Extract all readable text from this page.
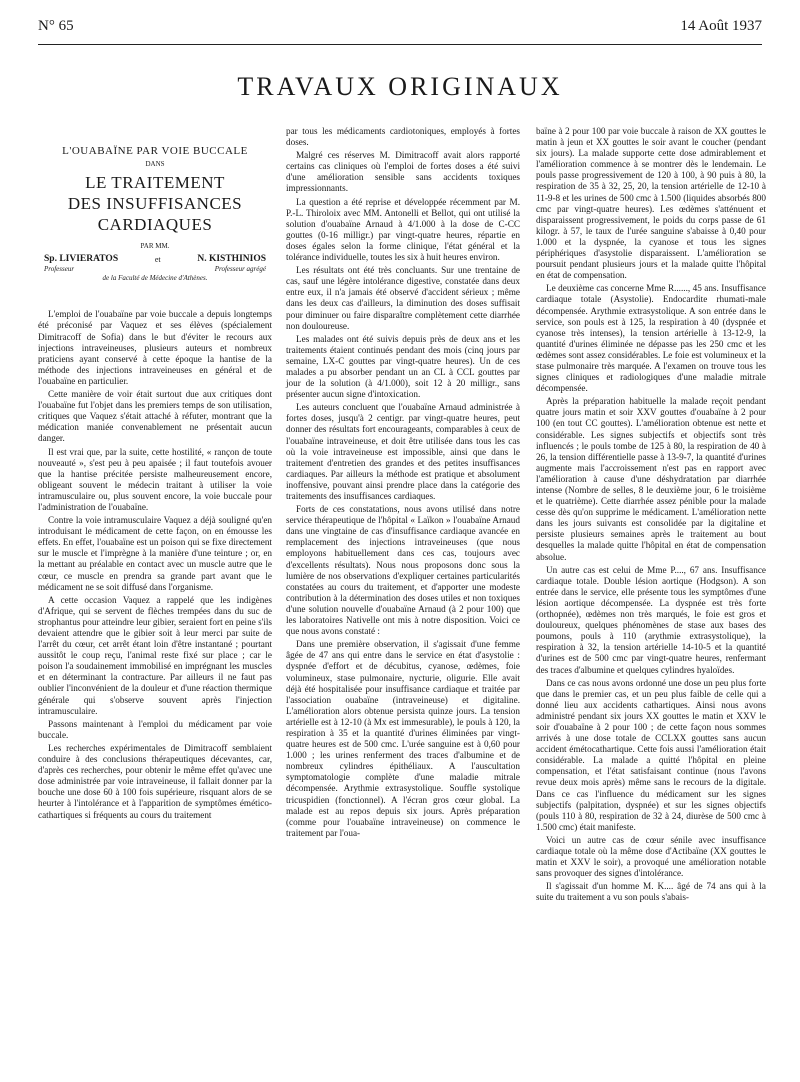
N° 65	14 Août 1937
TRAVAUX ORIGINAUX
L'OUABAÏNE PAR VOIE BUCCALE
DANS
LE TRAITEMENT
DES INSUFFISANCES
CARDIAQUES
PAR MM.
Sp. LIVIERATOS	et	N. KISTHINIOS
Professeur	Professeur agrégé
de la Faculté de Médecine d'Athènes.

L'emploi de l'ouabaïne par voie buccale a depuis longtemps été préconisé par Vaquez et ses élèves (spécialement Dimitracoff de Sofia) dans le but d'éviter le recours aux injections intraveineuses, plusieurs auteurs et nombreux praticiens ayant conservé à cette époque la hantise de la méthode des injections intraveineuses en général et de l'ouabaïne en particulier.

Cette manière de voir était surtout due aux critiques dont l'ouabaïne fut l'objet dans les premiers temps de son utilisation, critiques que Vaquez s'était attaché à réfuter, montrant que la médication maniée convenablement ne présentait aucun danger.

Il est vrai que, par la suite, cette hostilité, « rançon de toute nouveauté », s'est peu à peu apaisée ; il faut toutefois avouer que la hantise précitée persiste malheureusement encore, obligeant souvent le médecin traitant à utiliser la voie intramusculaire ou, plus souvent encore, la voie buccale pour l'administration de l'ouabaïne.

Contre la voie intramusculaire Vaquez a déjà souligné qu'en introduisant le médicament de cette façon, on en émousse les effets. En effet, l'ouabaïne est un poison qui se fixe directement sur le muscle et l'imprègne à la manière d'une teinture ; or, en la mettant au préalable en contact avec un muscle autre que le cœur, ce muscle en prendra sa grande part avant que le médicament ne se soit diffusé dans l'organisme.

A cette occasion Vaquez a rappelé que les indigènes d'Afrique, qui se servent de flèches trempées dans du suc de strophantus pour atteindre leur gibier, seraient fort en peine s'ils devaient attendre que le gibier soit à leur merci par suite de l'arrêt du cœur, cet arrêt étant loin d'être instantané ; pourtant aussitôt le coup reçu, l'animal reste fixé sur place ; car le poison l'a soudainement immobilisé en imprégnant les muscles et en déterminant la contracture. Par ailleurs il ne faut pas oublier l'inconvénient de la douleur et d'une réaction thermique générale qui s'observe souvent après l'injection intramusculaire.

Passons maintenant à l'emploi du médicament par voie buccale.

Les recherches expérimentales de Dimitracoff semblaient conduire à des conclusions thérapeutiques décevantes, car, d'après ces recherches, pour obtenir le même effet qu'avec une dose administrée par voie intraveineuse, il fallait donner par la bouche une dose 60 à 100 fois supérieure, risquant alors de se heurter à l'intolérance et à l'apparition de symptômes émético-cathartiques si fréquents au cours du traitement

par tous les médicaments cardiotoniques, employés à fortes doses.

Malgré ces réserves M. Dimitracoff avait alors rapporté certains cas cliniques où l'emploi de fortes doses a été suivi d'une amélioration sensible sans accidents toxiques impressionnants.

La question a été reprise et développée récemment par M. P.-L. Thiroloix avec MM. Antonelli et Bellot, qui ont utilisé la solution d'ouabaïne Arnaud à 4/1.000 à la dose de C-CC gouttes (0-16 milligr.) par vingt-quatre heures, répartie en doses égales selon la forme clinique, l'état général et la tolérance individuelle, toutes les six à huit heures environ.

Les résultats ont été très concluants. Sur une trentaine de cas, sauf une légère intolérance digestive, constatée dans deux entre eux, il n'a jamais été observé d'accident sérieux ; même dans les deux cas d'ailleurs, la diminution des doses suffisait pour diminuer ou faire disparaître complètement cette diarrhée non douloureuse.

Les malades ont été suivis depuis près de deux ans et les traitements étaient continués pendant des mois (cinq jours par semaine, LX-C gouttes par vingt-quatre heures). Un de ces malades a pu absorber pendant un an CL à CCL gouttes par jour de la solution (à 4/1.000), soit 12 à 20 milligr., sans présenter aucun signe d'intoxication.

Les auteurs concluent que l'ouabaïne Arnaud administrée à fortes doses, jusqu'à 2 centigr. par vingt-quatre heures, peut donner des résultats fort encourageants, comparables à ceux de l'ouabaïne intraveineuse, et doit être utilisée dans tous les cas où la voie intraveineuse est impossible, ainsi que dans le traitement d'entretien des grandes et des petites insuffisances cardiaques. Par ailleurs la méthode est pratique et absolument inoffensive, pouvant ainsi prendre place dans la catégorie des traitements des insuffisances cardiaques.

Forts de ces constatations, nous avons utilisé dans notre service thérapeutique de l'hôpital « Laïkon » l'ouabaïne Arnaud dans une vingtaine de cas d'insuffisance cardiaque avancée en remplacement des injections intraveineuses (que nous employons habituellement dans ces cas, toujours avec d'excellents résultats). Nous nous proposons donc sous la lumière de nos observations d'expliquer certaines particularités constatées au cours du traitement, et d'apporter une modeste contribution à la détermination des doses utiles et non toxiques d'une solution nouvelle d'ouabaïne Arnaud (à 2 pour 100) que les laboratoires Nativelle ont mis à notre disposition. Voici ce que nous avons constaté :

Dans une première observation, il s'agissait d'une femme âgée de 47 ans qui entre dans le service en état d'asystolie : dyspnée d'effort et de décubitus, cyanose, œdèmes, foie volumineux, stase pulmonaire, nycturie, oligurie. Elle avait déjà été hospitalisée pour insuffisance cardiaque et traitée par l'association ouabaïne (intraveineuse) et digitaline. L'amélioration alors obtenue persista quinze jours. La tension artérielle est à 12-10 (à Mx est immesurable), le pouls à 120, la respiration à 35 et la quantité d'urines éliminées par vingt-quatre heures est de 500 cmc. L'urée sanguine est à 0,60 pour 1.000 ; les urines renferment des traces d'albumine et de nombreux cylindres épithéliaux. A l'auscultation symptomatologie complète d'une maladie mitrale décompensée. Arythmie extrasystolique. Souffle systolique tricuspidien (fonctionnel). A l'écran gros cœur global. La malade est au repos depuis six jours. Après préparation (comme pour l'ouabaïne intraveineuse) on commence le traitement par l'oua-

baïne à 2 pour 100 par voie buccale à raison de XX gouttes le matin à jeun et XX gouttes le soir avant le coucher (pendant six jours). La malade supporte cette dose admirablement et l'amélioration commence à se montrer dès le lendemain. Le pouls passe progressivement de 120 à 100, à 90 puis à 80, la respiration de 35 à 32, 25, 20, la tension artérielle de 12-10 à 11-9-8 et les urines de 500 cmc à 1.500 (liquides absorbés 800 cmc par vingt-quatre heures). Les œdèmes s'atténuent et disparaissent progressivement, le poids du corps passe de 61 kilogr. à 57, le taux de l'urée sanguine s'abaisse à 0,40 pour 1.000 et la dyspnée, la cyanose et tous les signes périphériques d'asystolie disparaissent. L'amélioration se poursuit pendant plusieurs jours et la malade quitte l'hôpital en état de compensation.

Le deuxième cas concerne Mme R......, 45 ans. Insuffisance cardiaque totale (Asystolie). Endocardite rhumati-male décompensée. Arythmie extrasystolique. A son entrée dans le service, son pouls est à 125, la respiration à 40 (dyspnée et cyanose très intenses), la tension artérielle à 13-12-9, la quantité d'urines éliminée ne dépasse pas les 250 cmc et les œdèmes sont assez considérables. Le foie est volumineux et la stase pulmonaire très marquée. A l'examen on trouve tous les signes cliniques et radiologiques d'une maladie mitrale décompensée.

Après la préparation habituelle la malade reçoit pendant quatre jours matin et soir XXV gouttes d'ouabaïne à 2 pour 100 (en tout CC gouttes). L'amélioration obtenue est nette et considérable. Les signes subjectifs et objectifs sont très influencés ; le pouls tombe de 125 à 80, la respiration de 40 à 26, la tension différentielle passe à 13-9-7, la quantité d'urines augmente mais l'accroissement n'est pas en rapport avec l'amélioration à cause d'une déshydratation par diarrhée intense (Nombre de selles, 8 le deuxième jour, 6 le troisième et le quatrième). Cette diarrhée assez pénible pour la malade cesse dès qu'on supprime le médicament. L'amélioration nette dans les jours suivants est consolidée par la digitaline et persiste plusieurs semaines après le traitement au bout desquelles la malade quitte l'hôpital en état de compensation absolue.

Un autre cas est celui de Mme P...., 67 ans. Insuffisance cardiaque totale. Double lésion aortique (Hodgson). A son entrée dans le service, elle présente tous les symptômes d'une lésion aortique décompensée. La dyspnée est très forte (orthopnée), œdèmes non très marqués, le foie est gros et douloureux, quelques phénomènes de stase aux bases des poumons, pouls à 110 (arythmie extrasystolique), la respiration à 32, la tension artérielle 14-10-5 et la quantité d'urines est de 500 cmc par vingt-quatre heures, renfermant des traces d'albumine et quelques cylindres hyaloïdes.

Dans ce cas nous avons ordonné une dose un peu plus forte que dans le premier cas, et un peu plus faible de celle qui a donné lieu aux accidents cathartiques. Ainsi nous avons administré pendant six jours XX gouttes le matin et XXV le soir d'ouabaïne à 2 pour 100 ; de cette façon nous sommes arrivés à une dose totale de CCLXX gouttes sans aucun accident émétocathartique. Cette fois aussi l'amélioration était considérable. La malade a quitté l'hôpital en pleine compensation, et l'état satisfaisant continue (nous l'avons revue deux mois après) même sans le recours de la digitale. Dans ce cas l'influence du médicament sur les signes subjectifs (palpitation, dyspnée) et sur les signes objectifs (pouls 110 à 80, respiration de 32 à 24, diurèse de 500 cmc à 1.500 cmc) était manifeste.

Voici un autre cas de cœur sénile avec insuffisance cardiaque totale où la même dose d'Actibaïne (XX gouttes le matin et XXV le soir), a provoqué une amélioration notable sans provoquer des signes d'intolérance.

Il s'agissait d'un homme M. K.... âgé de 74 ans qui à la suite du traitement a vu son pouls s'abais-
